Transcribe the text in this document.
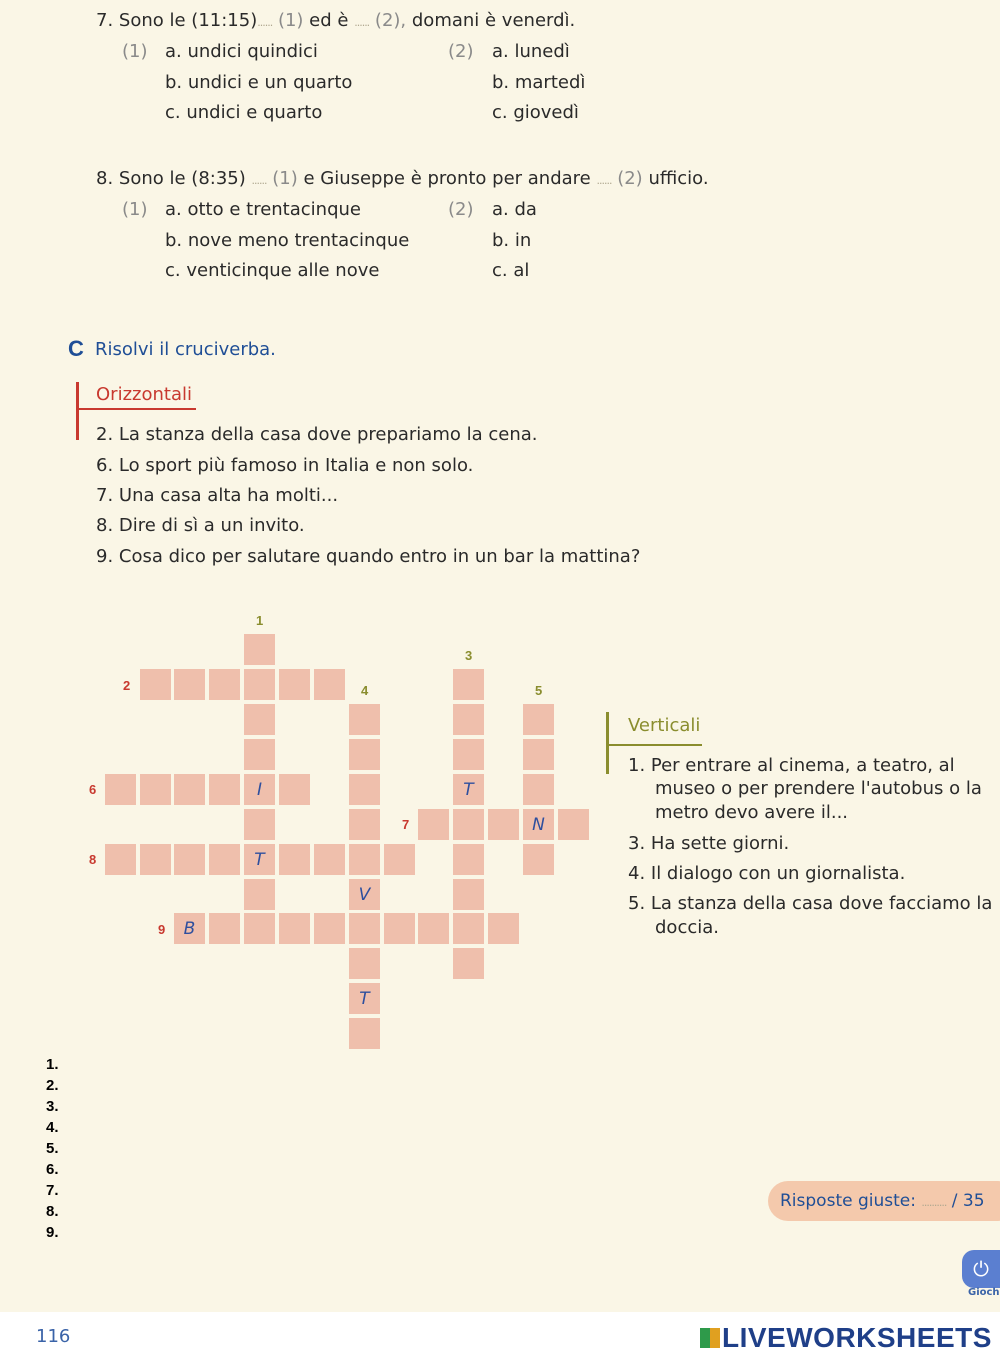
7. Sono le (11:15)...... (1) ed è ...... (2), domani è venerdì.
(1) a. undici quindici
b. undici e un quarto
c. undici e quarto
(2) a. lunedì
b. martedì
c. giovedì
8. Sono le (8:35) ...... (1) e Giuseppe è pronto per andare ...... (2) ufficio.
(1) a. otto e trentacinque
b. nove meno trentacinque
c. venticinque alle nove
(2) a. da
b. in
c. al
C Risolvi il cruciverba.
Orizzontali
2. La stanza della casa dove prepariamo la cena.
6. Lo sport più famoso in Italia e non solo.
7. Una casa alta ha molti...
8. Dire di sì a un invito.
9. Cosa dico per salutare quando entro in un bar la mattina?
1
2
3
4	5
6
7
8
9
I	T
N
T
V
B
T
Verticali
1. Per entrare al cinema, a teatro, al
museo o per prendere l'autobus o la
metro devo avere il...
3. Ha sette giorni.
4. Il dialogo con un giornalista.
5. La stanza della casa dove facciamo la
doccia.
1.
2.
3.
4.
5.
6.
7.
8.
9.
Risposte giuste: .......... / 35
⏻
Gioch
116	LIVEWORKSHEETS
